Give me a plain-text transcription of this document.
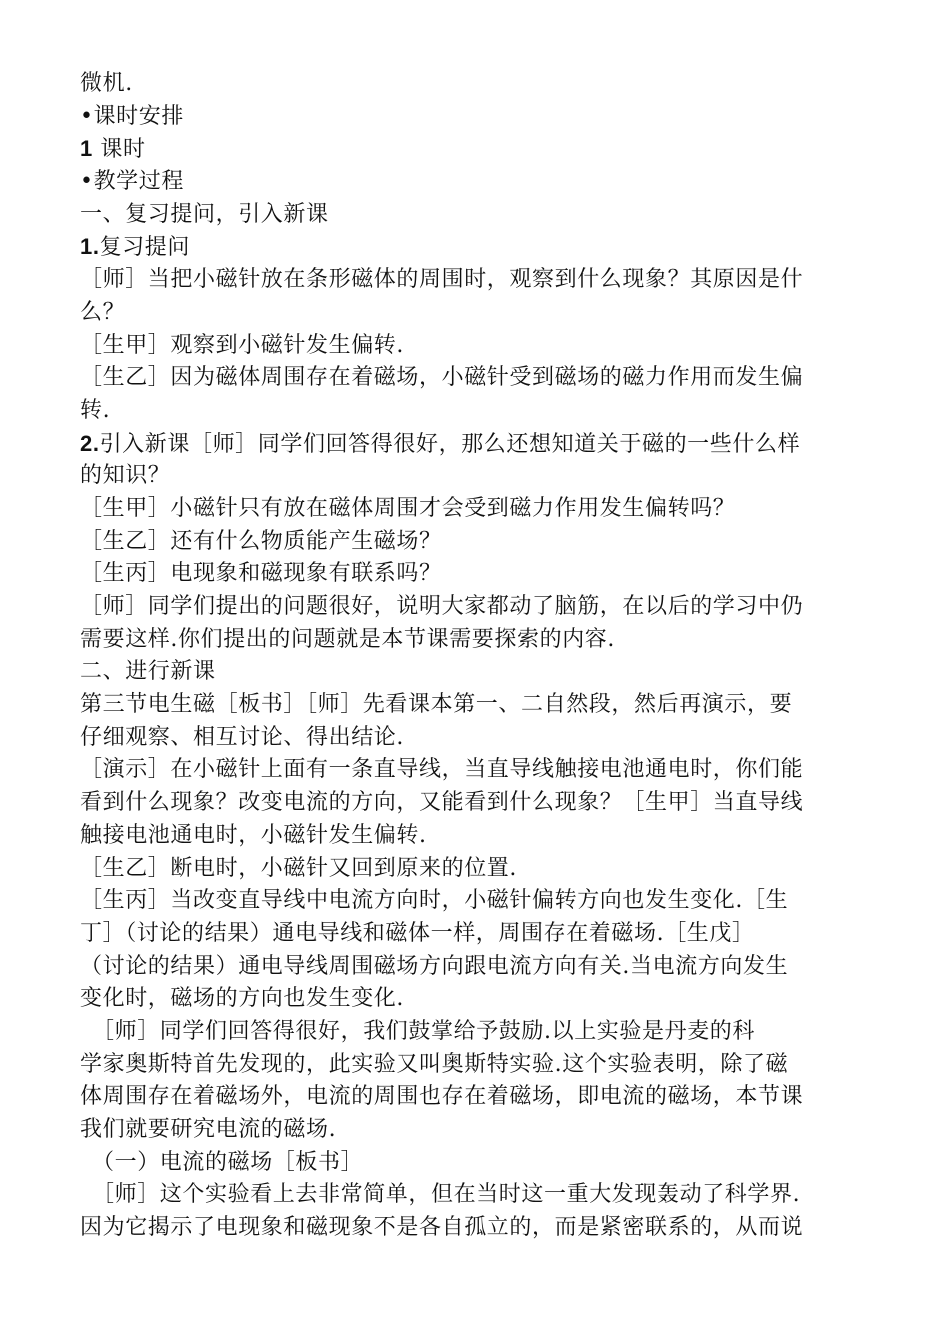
微机.
•课时安排
1 课时
•教学过程
一、复习提问，引入新课
1.复习提问
［师］当把小磁针放在条形磁体的周围时，观察到什么现象？其原因是什
么？
［生甲］观察到小磁针发生偏转.
［生乙］因为磁体周围存在着磁场，小磁针受到磁场的磁力作用而发生偏
转.
2.引入新课［师］同学们回答得很好，那么还想知道关于磁的一些什么样
的知识？
［生甲］小磁针只有放在磁体周围才会受到磁力作用发生偏转吗？
［生乙］还有什么物质能产生磁场？
［生丙］电现象和磁现象有联系吗？
［师］同学们提出的问题很好，说明大家都动了脑筋，在以后的学习中仍
需要这样.你们提出的问题就是本节课需要探索的内容.
二、进行新课
第三节电生磁［板书］［师］先看课本第一、二自然段，然后再演示，要
仔细观察、相互讨论、得出结论.
［演示］在小磁针上面有一条直导线，当直导线触接电池通电时，你们能
看到什么现象？改变电流的方向，又能看到什么现象？［生甲］当直导线
触接电池通电时，小磁针发生偏转.
［生乙］断电时，小磁针又回到原来的位置.
［生丙］当改变直导线中电流方向时，小磁针偏转方向也发生变化.［生
丁］（讨论的结果）通电导线和磁体一样，周围存在着磁场.［生戊］
（讨论的结果）通电导线周围磁场方向跟电流方向有关.当电流方向发生
变化时，磁场的方向也发生变化.
［师］同学们回答得很好，我们鼓掌给予鼓励.以上实验是丹麦的科
学家奥斯特首先发现的，此实验又叫奥斯特实验.这个实验表明，除了磁
体周围存在着磁场外，电流的周围也存在着磁场，即电流的磁场，本节课
我们就要研究电流的磁场.
（一）电流的磁场［板书］
［师］这个实验看上去非常简单，但在当时这一重大发现轰动了科学界.
因为它揭示了电现象和磁现象不是各自孤立的，而是紧密联系的，从而说
